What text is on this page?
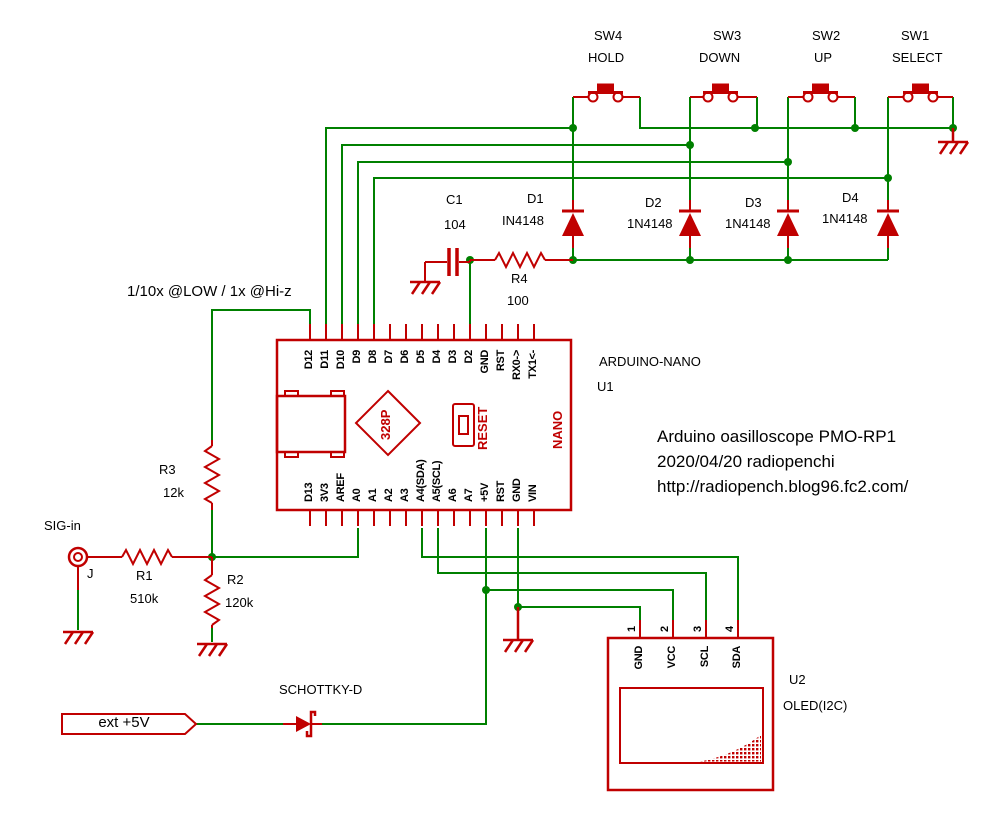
SW4
HOLD
SW3
DOWN
SW2
UP
SW1
SELECT
D1
IN4148
D2
1N4148
D3
1N4148
D4
1N4148
C1
104
R4
100
1/10x @LOW / 1x @Hi-z
ARDUINO-NANO
U1
328P	RESET	NANO
D12 D11 D10 D9 D8 D7 D6 D5 D4 D3 D2 GND RST RX0-> TX1<-
D13 3V3 AREF A0 A1 A2 A3 A4(SDA) A5(SCL) A6 A7 +5V RST GND VIN
Arduino oasilloscope PMO-RP1
2020/04/20 radiopenchi
http://radiopench.blog96.fc2.com/
SIG-in
J	R1
510k
R3
12k
R2
120k
SCHOTTKY-D
ext +5V
U2
OLED(I2C)
1 2 3 4
GND VCC SCL SDA
